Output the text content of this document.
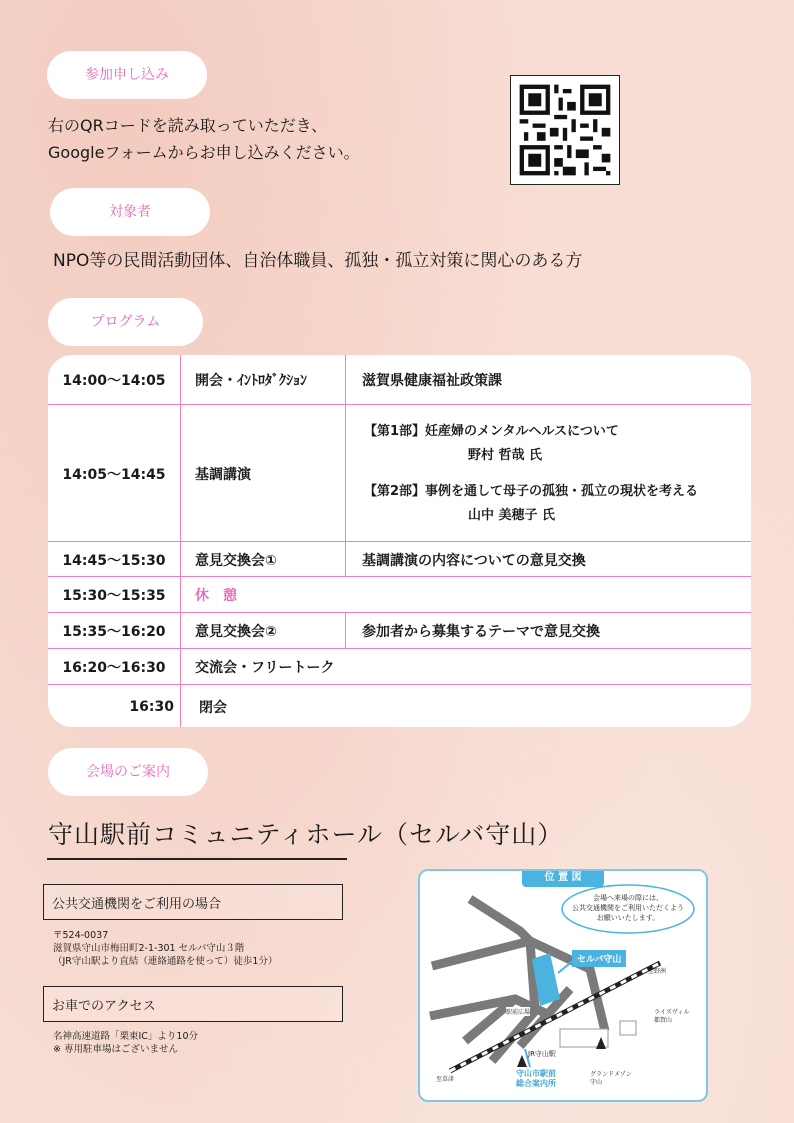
参加申し込み
対象者
プログラム
会場のご案内
右のQRコードを読み取っていただき、
Googleフォームからお申し込みください。
NPO等の民間活動団体、自治体職員、孤独・孤立対策に関心のある方
14:00～14:05	開会・ｲﾝﾄﾛﾀﾞｸｼｮﾝ	滋賀県健康福祉政策課
14:05～14:45	基調講演
【第1部】妊産婦のメンタルヘルスについて
野村 哲哉 氏
【第2部】事例を通して母子の孤独・孤立の現状を考える
山中 美穂子 氏
14:45～15:30	意見交換会①	基調講演の内容についての意見交換
15:30～15:35	休　憩
15:35～16:20	意見交換会②	参加者から募集するテーマで意見交換
16:20～16:30	交流会・フリートーク
16:30	閉会
守山駅前コミュニティホール（セルバ守山）
公共交通機関をご利用の場合
〒524-0037
滋賀県守山市梅田町2-1-301 セルバ守山３階
（JR守山駅より直結（連絡通路を使って）徒歩1分）
お車でのアクセス
名神高速道路「栗東IC」より10分
※ 専用駐車場はございません
位 置 図
会場へ来場の際には、
公共交通機関をご利用いただくよう
お願いいたします。
セルバ守山
至野洲
ライズヴィル
都賀山
駅前広場
JR守山駅
守山市駅前
総合案内所
至草津
グランドメゾン
守山
